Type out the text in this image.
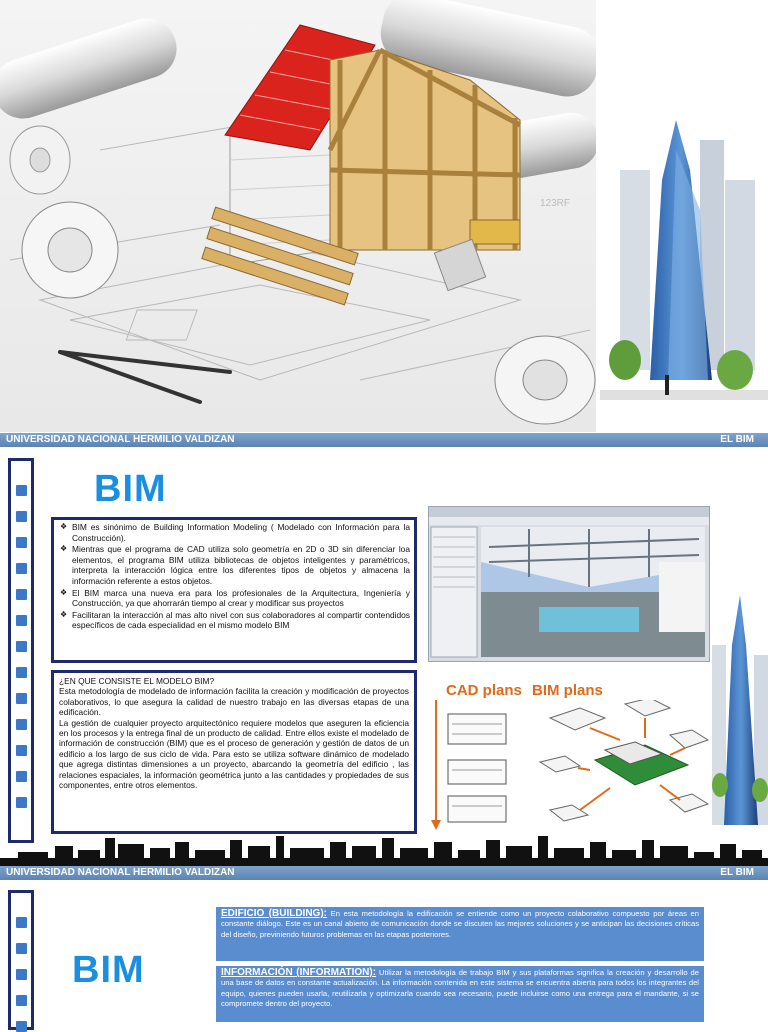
123RF
UNIVERSIDAD NACIONAL HERMILIO VALDIZAN	EL BIM
BIM
❖ BIM es sinónimo de Building Information Modeling ( Modelado con Información para la Construcción).
❖ Mientras que el programa de CAD utiliza solo geometría en 2D o 3D sin diferenciar loa elementos, el programa BIM utiliza bibliotecas de objetos inteligentes y paramétricos, interpreta la interacción lógica entre los diferentes tipos de objetos y almacena la información referente a estos objetos.
❖ El BIM marca una nueva era para los profesionales de la Arquitectura, Ingeniería y Construcción, ya que ahorrarán tiempo al crear y modificar sus proyectos
❖ Facilitaran la interacción al mas alto nivel con sus colaboradores al compartir contendidos específicos de cada especialidad en el mismo modelo BIM

¿EN QUE CONSISTE EL MODELO BIM?

Esta metodología de modelado de información facilita la creación y modificación de proyectos colaborativos, lo que asegura la calidad de nuestro trabajo en las diversas etapas de una edificación.

La gestión de cualquier proyecto arquitectónico requiere modelos que aseguren la eficiencia en los procesos y la entrega final de un producto de calidad. Entre ellos existe el modelado de información de construcción (BIM) que es el proceso de generación y gestión de datos de un edificio a los largo de sus ciclo de vida. Para esto se utiliza software dinámico de modelado que agrega distintas dimensiones a un proyecto, abarcando la geometría del edificio , las relaciones espaciales, la información geométrica junto a las cantidades y propiedades de sus componentes, entre otros elementos.

CAD plans BIM plans
UNIVERSIDAD NACIONAL HERMILIO VALDIZAN	EL BIM
BIM
EDIFICIO (BUILDING): En esta metodología la edificación se entiende como un proyecto colaborativo compuesto por áreas en constante diálogo. Este es un canal abierto de comunicación donde se discuten las mejores soluciones y se anticipan las decisiones críticas del diseño, previniendo futuros problemas en las etapas posteriores.
INFORMACIÓN (INFORMATION): Utilizar la metodología de trabajo BIM y sus plataformas significa la creación y desarrollo de una base de datos en constante actualización. La información contenida en este sistema se encuentra abierta para todos los integrantes del equipo, quienes pueden usarla, reutilizarla y optimizarla cuando sea necesario, puede incluirse como una entrega para el mandante, si se compromete dentro del proyecto.
